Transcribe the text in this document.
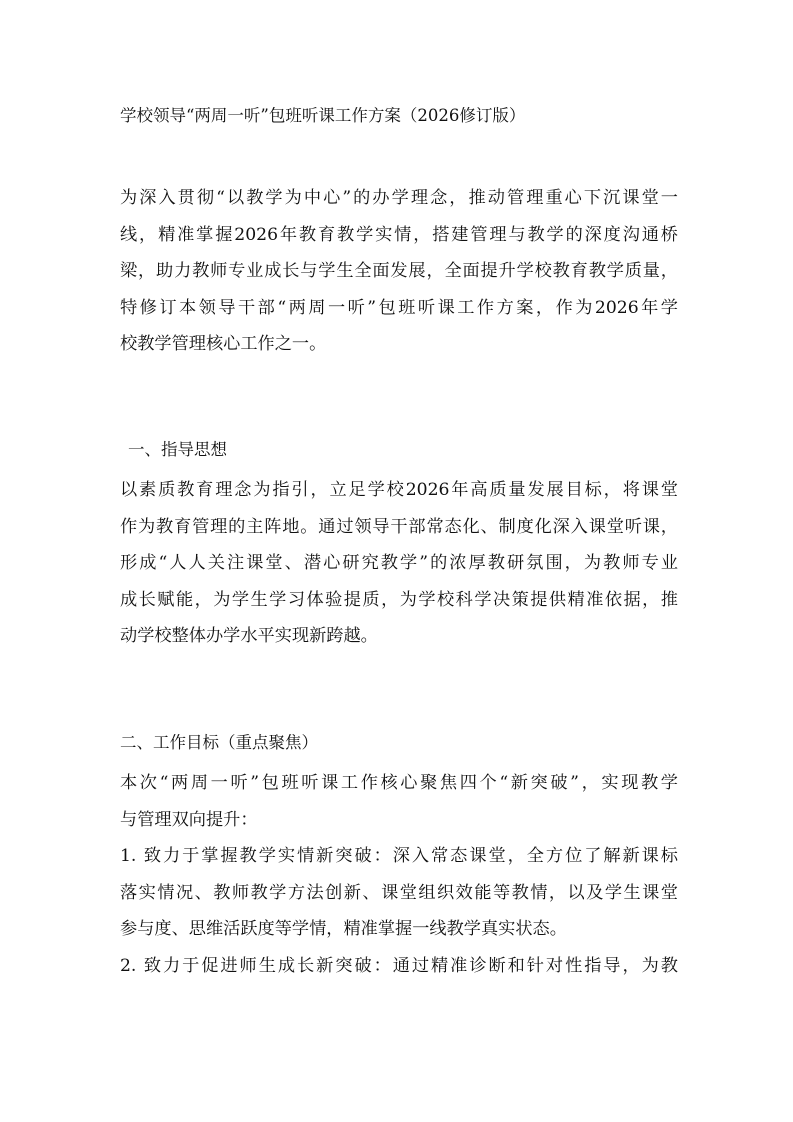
学校领导“两周一听”包班听课工作方案（2026修订版）
为深入贯彻“以教学为中心”的办学理念，推动管理重心下沉课堂一
线，精准掌握2026年教育教学实情，搭建管理与教学的深度沟通桥
梁，助力教师专业成长与学生全面发展，全面提升学校教育教学质量，
特修订本领导干部“两周一听”包班听课工作方案，作为2026年学
校教学管理核心工作之一。
一、指导思想
以素质教育理念为指引，立足学校2026年高质量发展目标，将课堂
作为教育管理的主阵地。通过领导干部常态化、制度化深入课堂听课，
形成“人人关注课堂、潜心研究教学”的浓厚教研氛围，为教师专业
成长赋能，为学生学习体验提质，为学校科学决策提供精准依据，推
动学校整体办学水平实现新跨越。
二、工作目标（重点聚焦）
本次“两周一听”包班听课工作核心聚焦四个“新突破”，实现教学
与管理双向提升：
1. 致力于掌握教学实情新突破：深入常态课堂，全方位了解新课标
落实情况、教师教学方法创新、课堂组织效能等教情，以及学生课堂
参与度、思维活跃度等学情，精准掌握一线教学真实状态。
2. 致力于促进师生成长新突破：通过精准诊断和针对性指导，为教
